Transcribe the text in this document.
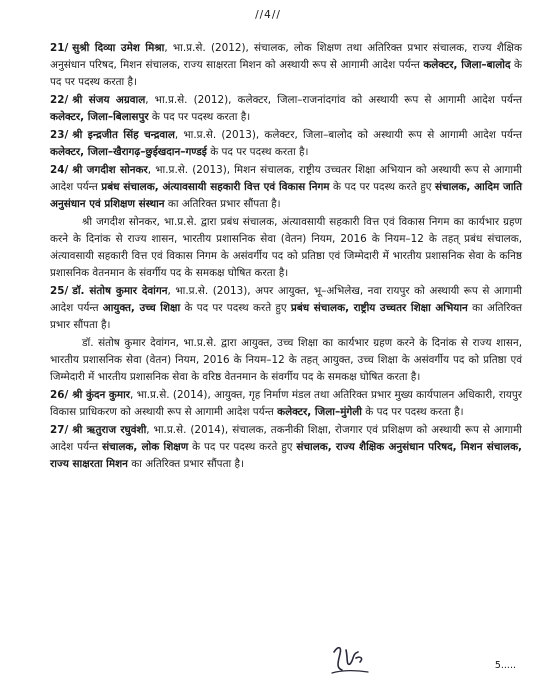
//4//

21/ सुश्री दिव्या उमेश मिश्रा, भा.प्र.से. (2012), संचालक, लोक शिक्षण तथा अतिरिक्त प्रभार संचालक, राज्य शैक्षिक अनुसंधान परिषद, मिशन संचालक, राज्य साक्षरता मिशन को अस्थायी रूप से आगामी आदेश पर्यन्त कलेक्टर, जिला–बालोद के पद पर पदस्थ करता है।

22/ श्री संजय अग्रवाल, भा.प्र.से. (2012), कलेक्टर, जिला–राजनांदगांव को अस्थायी रूप से आगामी आदेश पर्यन्त कलेक्टर, जिला–बिलासपुर के पद पर पदस्थ करता है।

23/ श्री इन्द्रजीत सिंह चन्द्रवाल, भा.प्र.से. (2013), कलेक्टर, जिला–बालोद को अस्थायी रूप से आगामी आदेश पर्यन्त कलेक्टर, जिला–खैरागढ़–छुईखदान–गण्डई के पद पर पदस्थ करता है।

24/ श्री जगदीश सोनकर, भा.प्र.से. (2013), मिशन संचालक, राष्ट्रीय उच्चतर शिक्षा अभियान को अस्थायी रूप से आगामी आदेश पर्यन्त प्रबंध संचालक, अंत्यावसायी सहकारी वित्त एवं विकास निगम के पद पर पदस्थ करते हुए संचालक, आदिम जाति अनुसंधान एवं प्रशिक्षण संस्थान का अतिरिक्त प्रभार सौंपता है।

श्री जगदीश सोनकर, भा.प्र.से. द्वारा प्रबंध संचालक, अंत्यावसायी सहकारी वित्त एवं विकास निगम का कार्यभार ग्रहण करने के दिनांक से राज्य शासन, भारतीय प्रशासनिक सेवा (वेतन) नियम, 2016 के नियम–12 के तहत् प्रबंध संचालक, अंत्यावसायी सहकारी वित्त एवं विकास निगम के असंवर्गीय पद को प्रतिष्ठा एवं जिम्मेदारी में भारतीय प्रशासनिक सेवा के कनिष्ठ प्रशासनिक वेतनमान के संवर्गीय पद के समकक्ष घोषित करता है।

25/ डॉ. संतोष कुमार देवांगन, भा.प्र.से. (2013), अपर आयुक्त, भू–अभिलेख, नवा रायपुर को अस्थायी रूप से आगामी आदेश पर्यन्त आयुक्त, उच्च शिक्षा के पद पर पदस्थ करते हुए प्रबंध संचालक, राष्ट्रीय उच्चतर शिक्षा अभियान का अतिरिक्त प्रभार सौंपता है।

डॉ. संतोष कुमार देवांगन, भा.प्र.से. द्वारा आयुक्त, उच्च शिक्षा का कार्यभार ग्रहण करने के दिनांक से राज्य शासन, भारतीय प्रशासनिक सेवा (वेतन) नियम, 2016 के नियम–12 के तहत् आयुक्त, उच्च शिक्षा के असंवर्गीय पद को प्रतिष्ठा एवं जिम्मेदारी में भारतीय प्रशासनिक सेवा के वरिष्ठ वेतनमान के संवर्गीय पद के समकक्ष घोषित करता है।

26/ श्री कुंदन कुमार, भा.प्र.से. (2014), आयुक्त, गृह निर्माण मंडल तथा अतिरिक्त प्रभार मुख्य कार्यपालन अधिकारी, रायपुर विकास प्राधिकरण को अस्थायी रूप से आगामी आदेश पर्यन्त कलेक्टर, जिला–मुंगेली के पद पर पदस्थ करता है।

27/ श्री ऋतुराज रघुवंशी, भा.प्र.से. (2014), संचालक, तकनीकी शिक्षा, रोजगार एवं प्रशिक्षण को अस्थायी रूप से आगामी आदेश पर्यन्त संचालक, लोक शिक्षण के पद पर पदस्थ करते हुए संचालक, राज्य शैक्षिक अनुसंधान परिषद, मिशन संचालक, राज्य साक्षरता मिशन का अतिरिक्त प्रभार सौंपता है।

5.....
